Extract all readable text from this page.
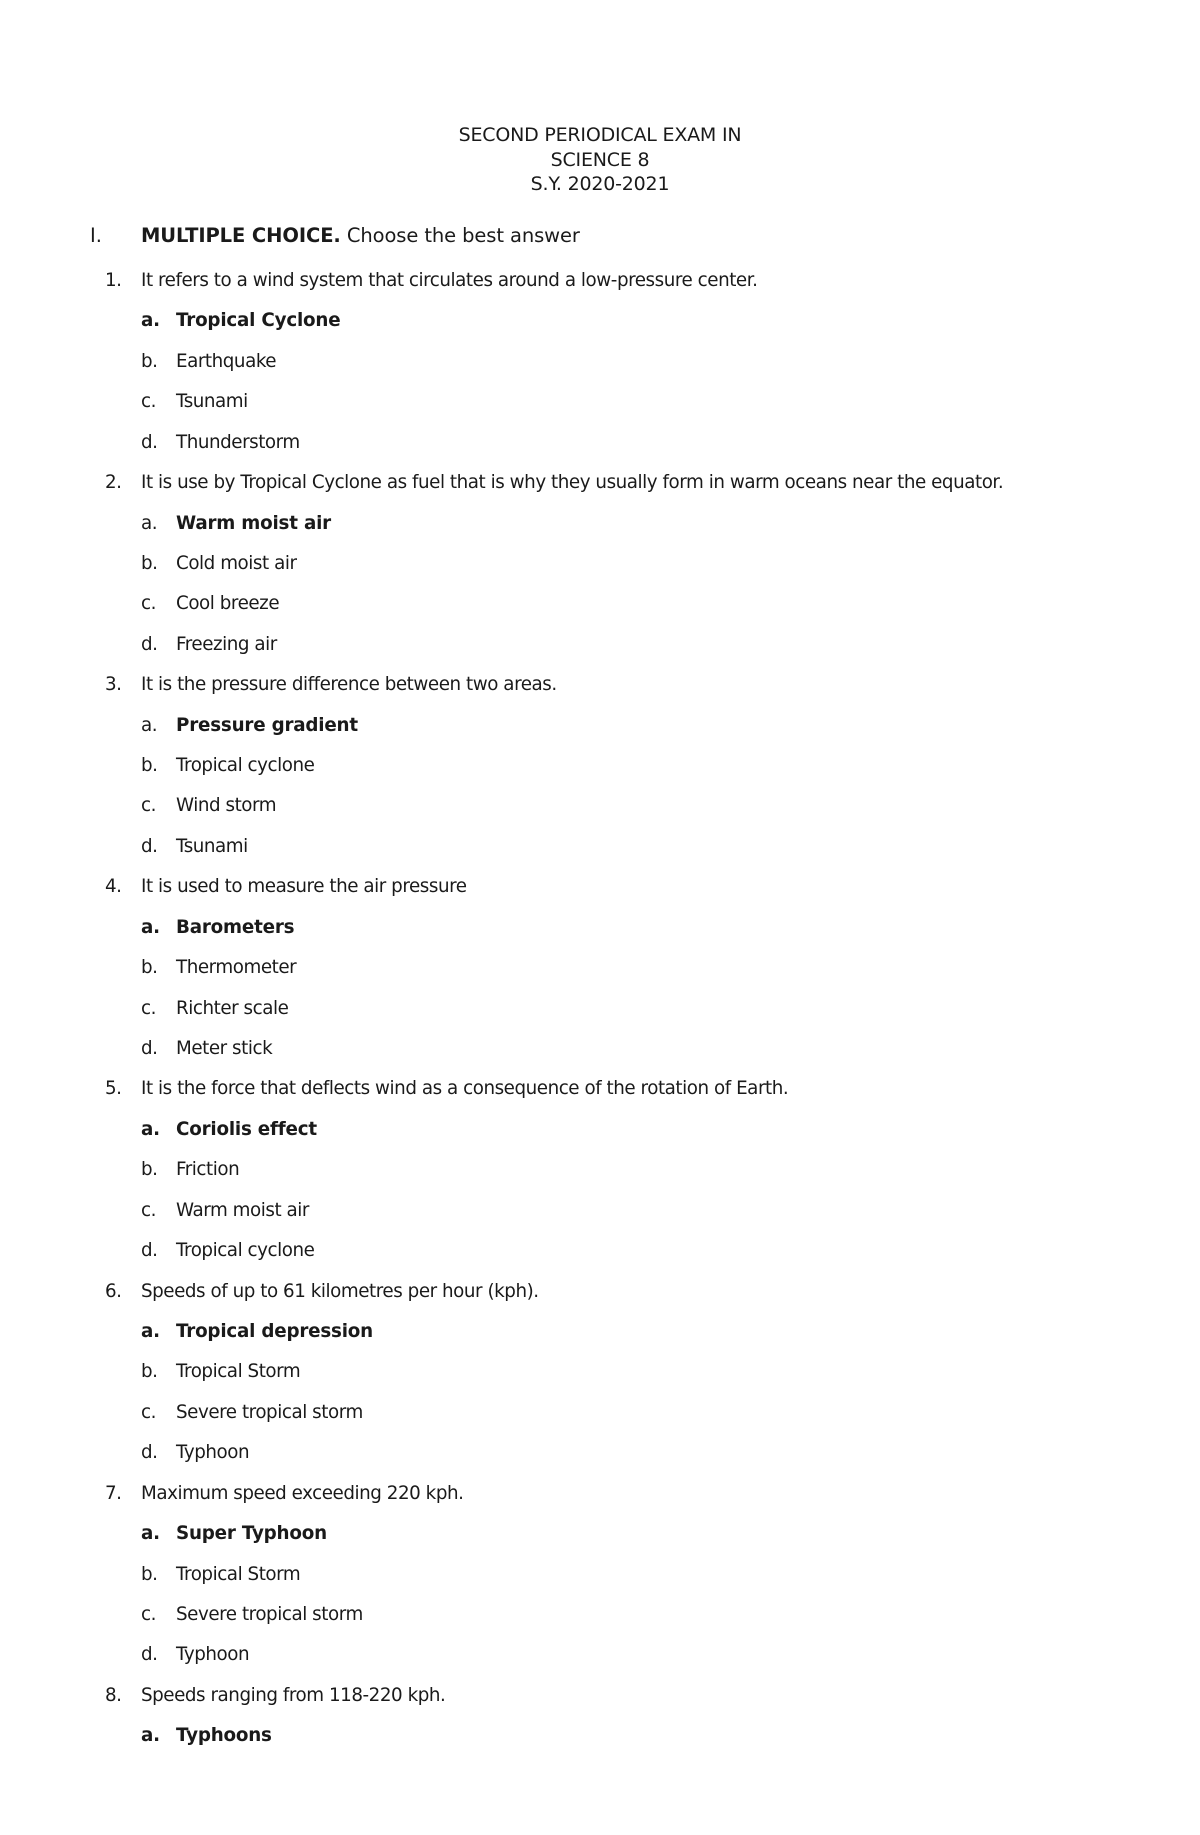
SECOND PERIODICAL EXAM IN
SCIENCE 8
S.Y. 2020-2021
I. MULTIPLE CHOICE. Choose the best answer
1. It refers to a wind system that circulates around a low-pressure center.
a. Tropical Cyclone
b. Earthquake
c. Tsunami
d. Thunderstorm
2. It is use by Tropical Cyclone as fuel that is why they usually form in warm oceans near the equator.
a. Warm moist air
b. Cold moist air
c. Cool breeze
d. Freezing air
3. It is the pressure difference between two areas.
a. Pressure gradient
b. Tropical cyclone
c. Wind storm
d. Tsunami
4. It is used to measure the air pressure
a. Barometers
b. Thermometer
c. Richter scale
d. Meter stick
5. It is the force that deflects wind as a consequence of the rotation of Earth.
a. Coriolis effect
b. Friction
c. Warm moist air
d. Tropical cyclone
6. Speeds of up to 61 kilometres per hour (kph).
a. Tropical depression
b. Tropical Storm
c. Severe tropical storm
d. Typhoon
7. Maximum speed exceeding 220 kph.
a. Super Typhoon
b. Tropical Storm
c. Severe tropical storm
d. Typhoon
8. Speeds ranging from 118-220 kph.
a. Typhoons
